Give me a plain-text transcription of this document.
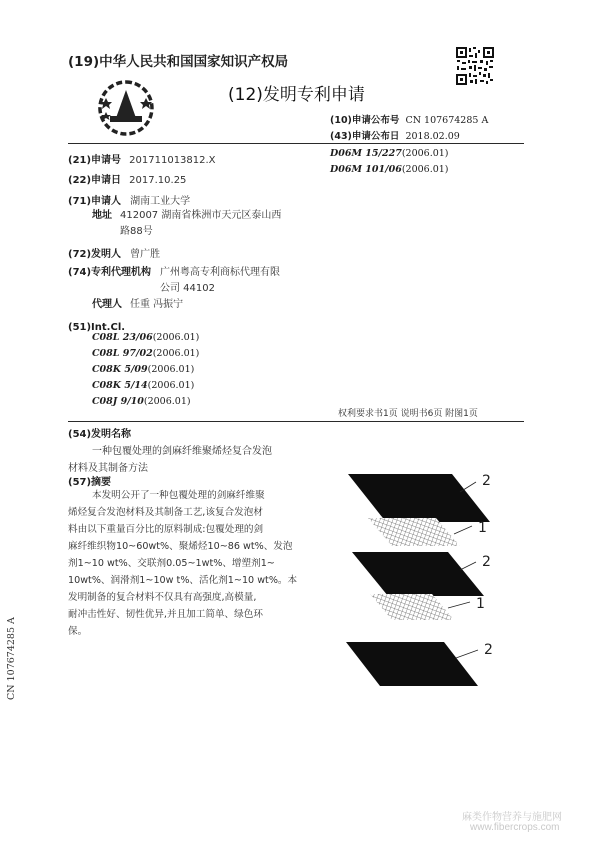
(19)中华人民共和国国家知识产权局
(12)发明专利申请
(10)申请公布号 CN 107674285 A
(43)申请公布日 2018.02.09
(21)申请号 201711013812.X
(22)申请日 2017.10.25
(71)申请人 湖南工业大学
地址 412007 湖南省株洲市天元区泰山西
路88号
(72)发明人 曾广胜
(74)专利代理机构 广州粤高专利商标代理有限
公司 44102
代理人 任重 冯振宁
(51)Int.Cl.
C08L 23/06(2006.01)
C08L 97/02(2006.01)
C08K 5/09(2006.01)
C08K 5/14(2006.01)
C08J 9/10(2006.01)
D06M 15/227(2006.01)
D06M 101/06(2006.01)
权利要求书1页 说明书6页 附图1页
(54)发明名称
一种包覆处理的剑麻纤维聚烯烃复合发泡
材料及其制备方法
(57)摘要
本发明公开了一种包覆处理的剑麻纤维聚
烯烃复合发泡材料及其制备工艺,该复合发泡材
料由以下重量百分比的原料制成:包覆处理的剑
麻纤维织物10~60wt%、聚烯烃10~86 wt%、发泡
剂1~10 wt%、交联剂0.05~1wt%、增塑剂1~
10wt%、润滑剂1~10w t%、活化剂1~10 wt%。本
发明制备的复合材料不仅具有高强度,高模量,
耐冲击性好、韧性优异,并且加工简单、绿色环
保。
2
1
2
1
2
CN 107674285 A
麻类作物营养与施肥网
www.fibercrops.com
